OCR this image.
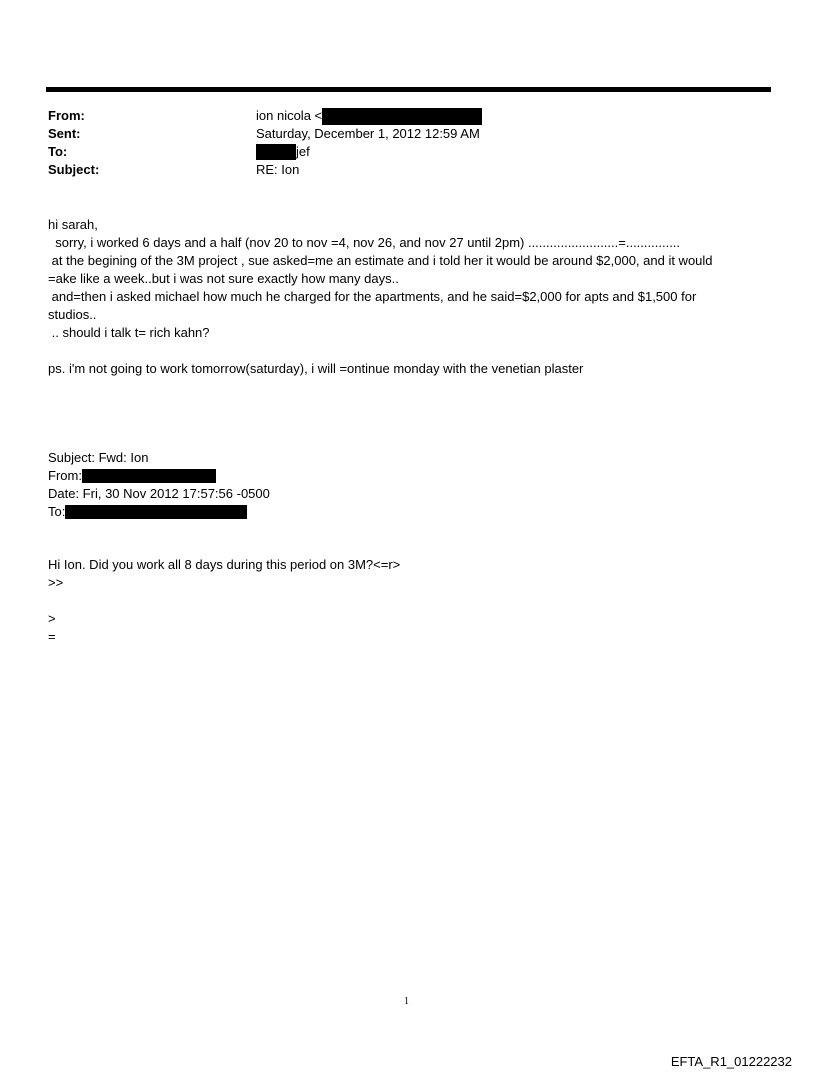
From:	ion nicola <
Sent:	Saturday, December 1, 2012 12:59 AM
To:	jef
Subject:	RE: Ion

hi sarah,

sorry, i worked 6 days and a half (nov 20 to nov =4, nov 26, and nov 27 until 2pm) .........................=...............

at the begining of the 3M project , sue asked=me an estimate and i told her it would be around $2,000, and it would

=ake like a week..but i was not sure exactly how many days..

and=then i asked michael how much he charged for the apartments, and he said=$2,000 for apts and $1,500 for

studios..

.. should i talk t= rich kahn?

ps. i'm not going to work tomorrow(saturday), i will =ontinue monday with the venetian plaster
Subject: Fwd: Ion
From:
Date: Fri, 30 Nov 2012 17:57:56 -0500
To:
Hi Ion. Did you work all 8 days during this period on 3M?<=r>
>>
>
=
1
EFTA_R1_01222232
